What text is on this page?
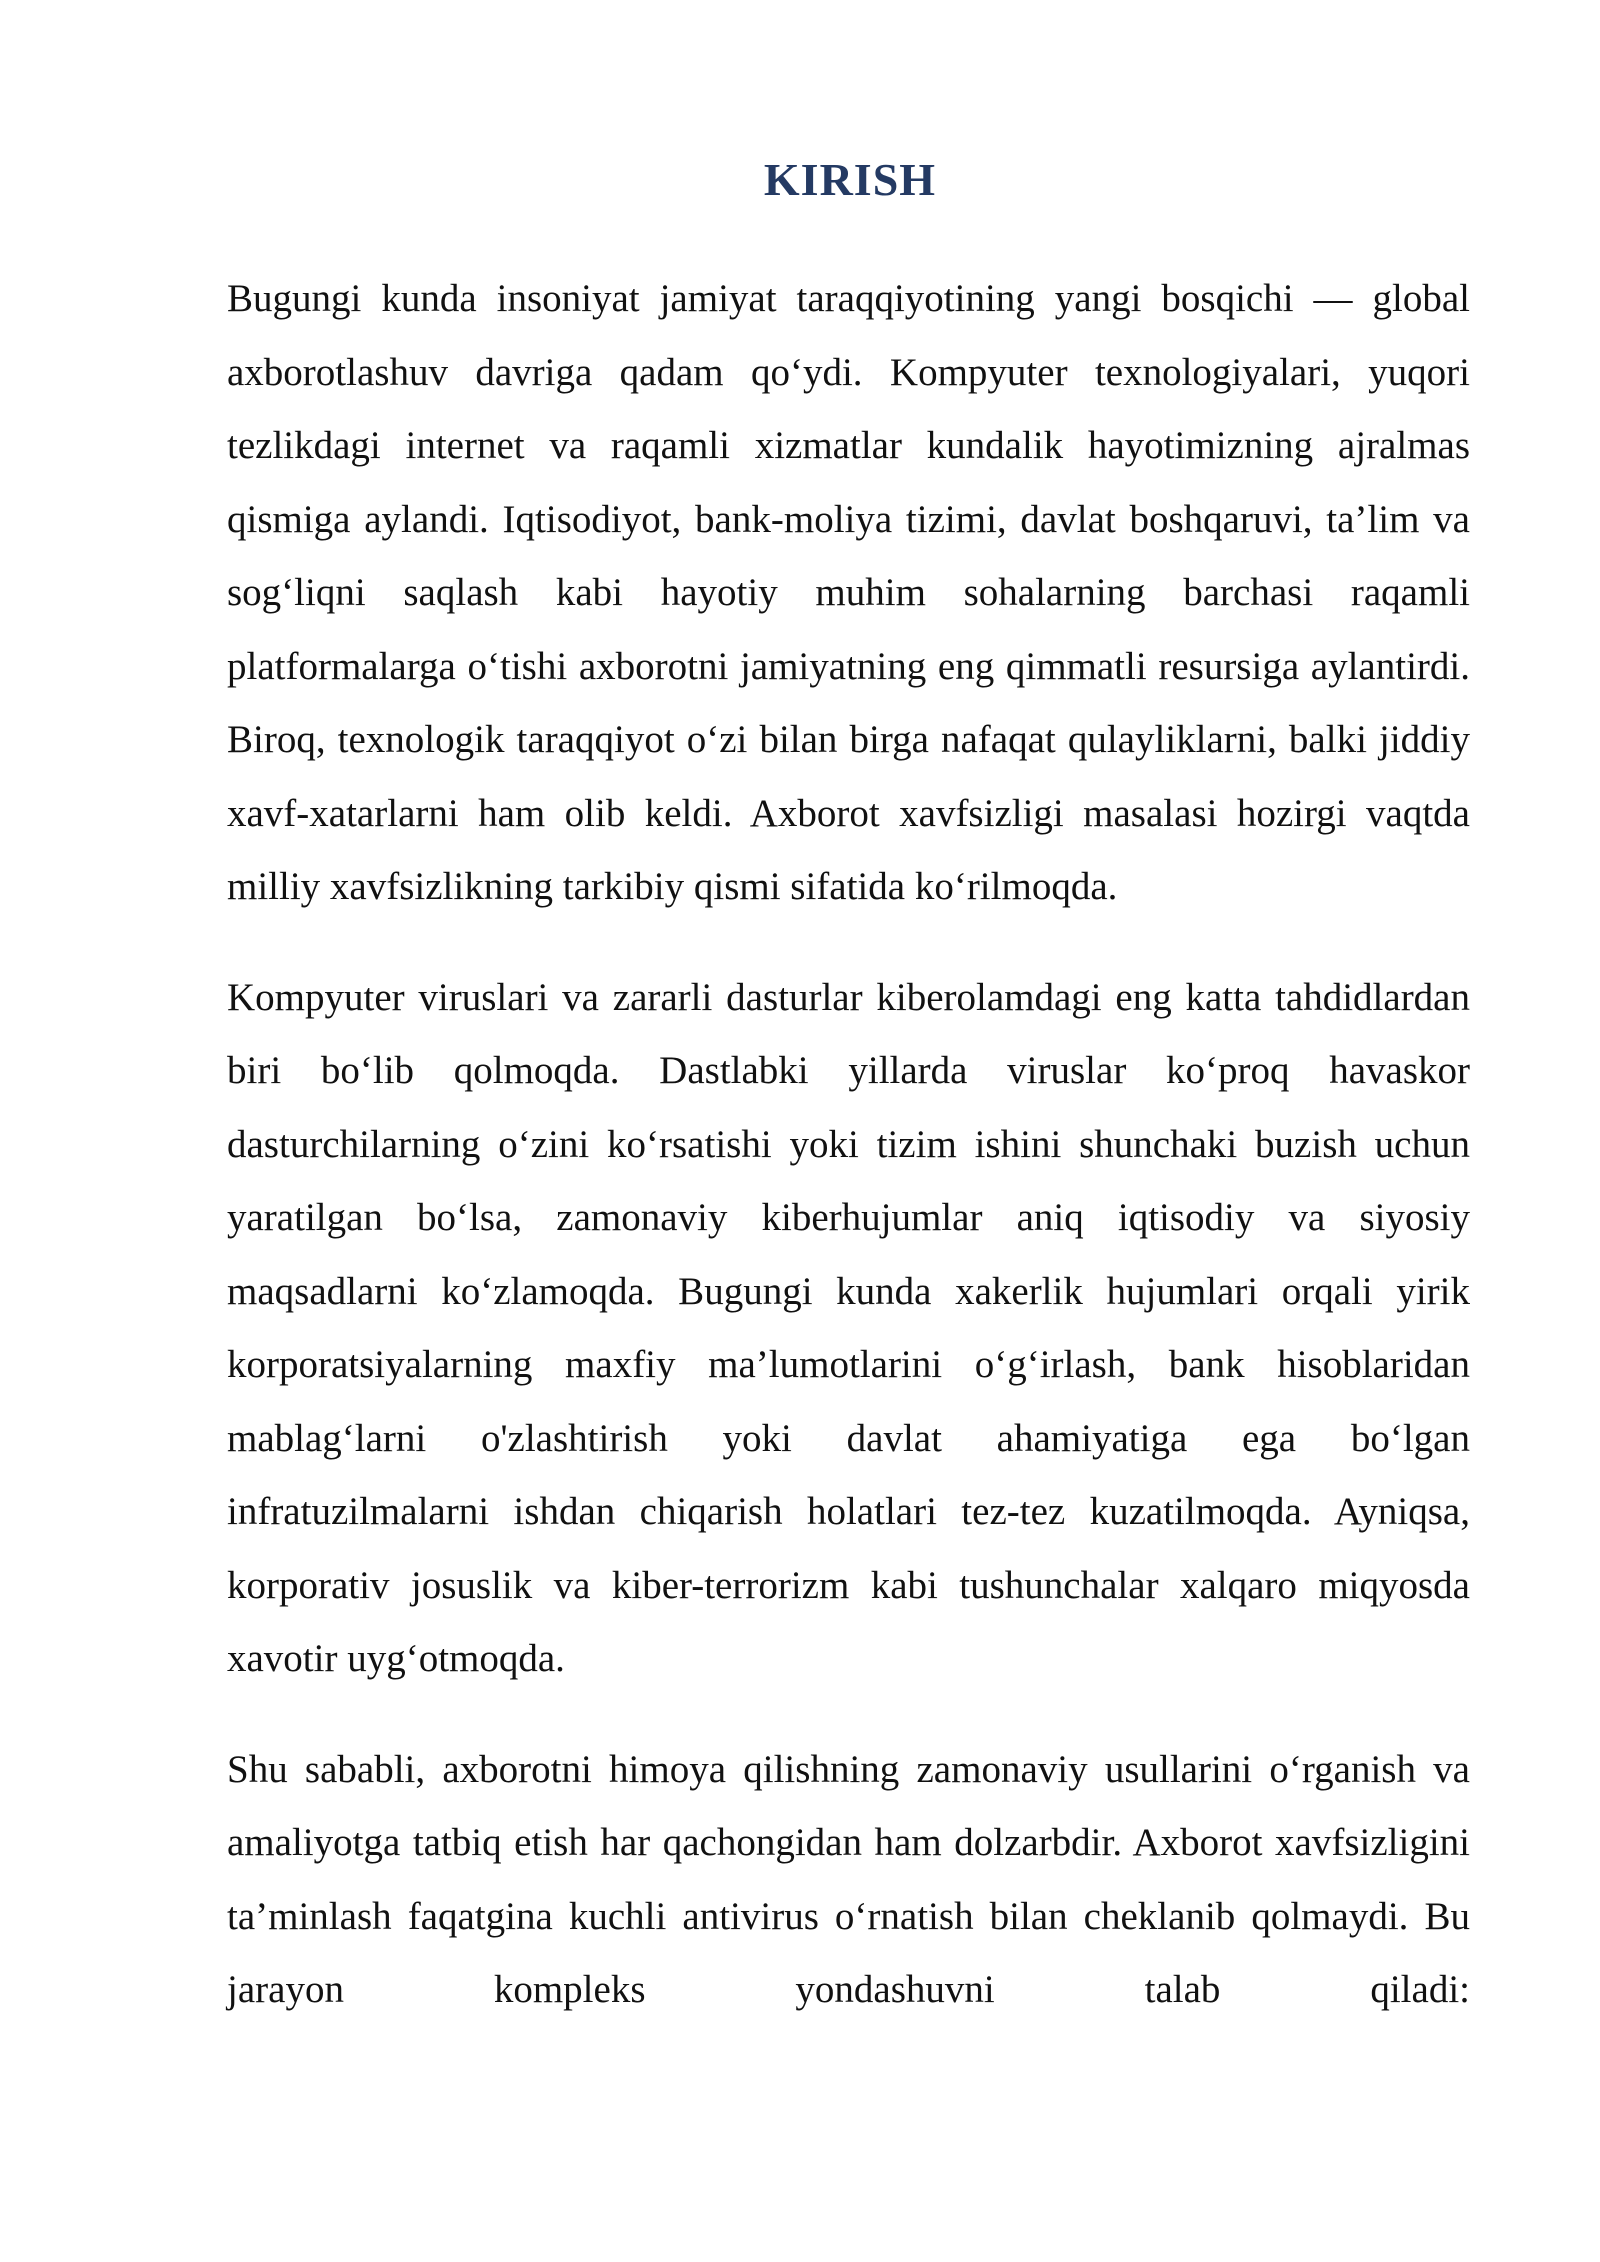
KIRISH

Bugungi kunda insoniyat jamiyat taraqqiyotining yangi bosqichi — global axborotlashuv davriga qadam qo‘ydi. Kompyuter texnologiyalari, yuqori tezlikdagi internet va raqamli xizmatlar kundalik hayotimizning ajralmas qismiga aylandi. Iqtisodiyot, bank-moliya tizimi, davlat boshqaruvi, ta’lim va sog‘liqni saqlash kabi hayotiy muhim sohalarning barchasi raqamli platformalarga o‘tishi axborotni jamiyatning eng qimmatli resursiga aylantirdi. Biroq, texnologik taraqqiyot o‘zi bilan birga nafaqat qulayliklarni, balki jiddiy xavf-xatarlarni ham olib keldi. Axborot xavfsizligi masalasi hozirgi vaqtda milliy xavfsizlikning tarkibiy qismi sifatida ko‘rilmoqda.

Kompyuter viruslari va zararli dasturlar kiberolamdagi eng katta tahdidlardan biri bo‘lib qolmoqda. Dastlabki yillarda viruslar ko‘proq havaskor dasturchilarning o‘zini ko‘rsatishi yoki tizim ishini shunchaki buzish uchun yaratilgan bo‘lsa, zamonaviy kiberhujumlar aniq iqtisodiy va siyosiy maqsadlarni ko‘zlamoqda. Bugungi kunda xakerlik hujumlari orqali yirik korporatsiyalarning maxfiy ma’lumotlarini o‘g‘irlash, bank hisoblaridan mablag‘larni o'zlashtirish yoki davlat ahamiyatiga ega bo‘lgan infratuzilmalarni ishdan chiqarish holatlari tez-tez kuzatilmoqda. Ayniqsa, korporativ josuslik va kiber-terrorizm kabi tushunchalar xalqaro miqyosda xavotir uyg‘otmoqda.

Shu sababli, axborotni himoya qilishning zamonaviy usullarini o‘rganish va amaliyotga tatbiq etish har qachongidan ham dolzarbdir. Axborot xavfsizligini ta’minlash faqatgina kuchli antivirus o‘rnatish bilan cheklanib qolmaydi. Bu jarayon kompleks yondashuvni talab qiladi:
